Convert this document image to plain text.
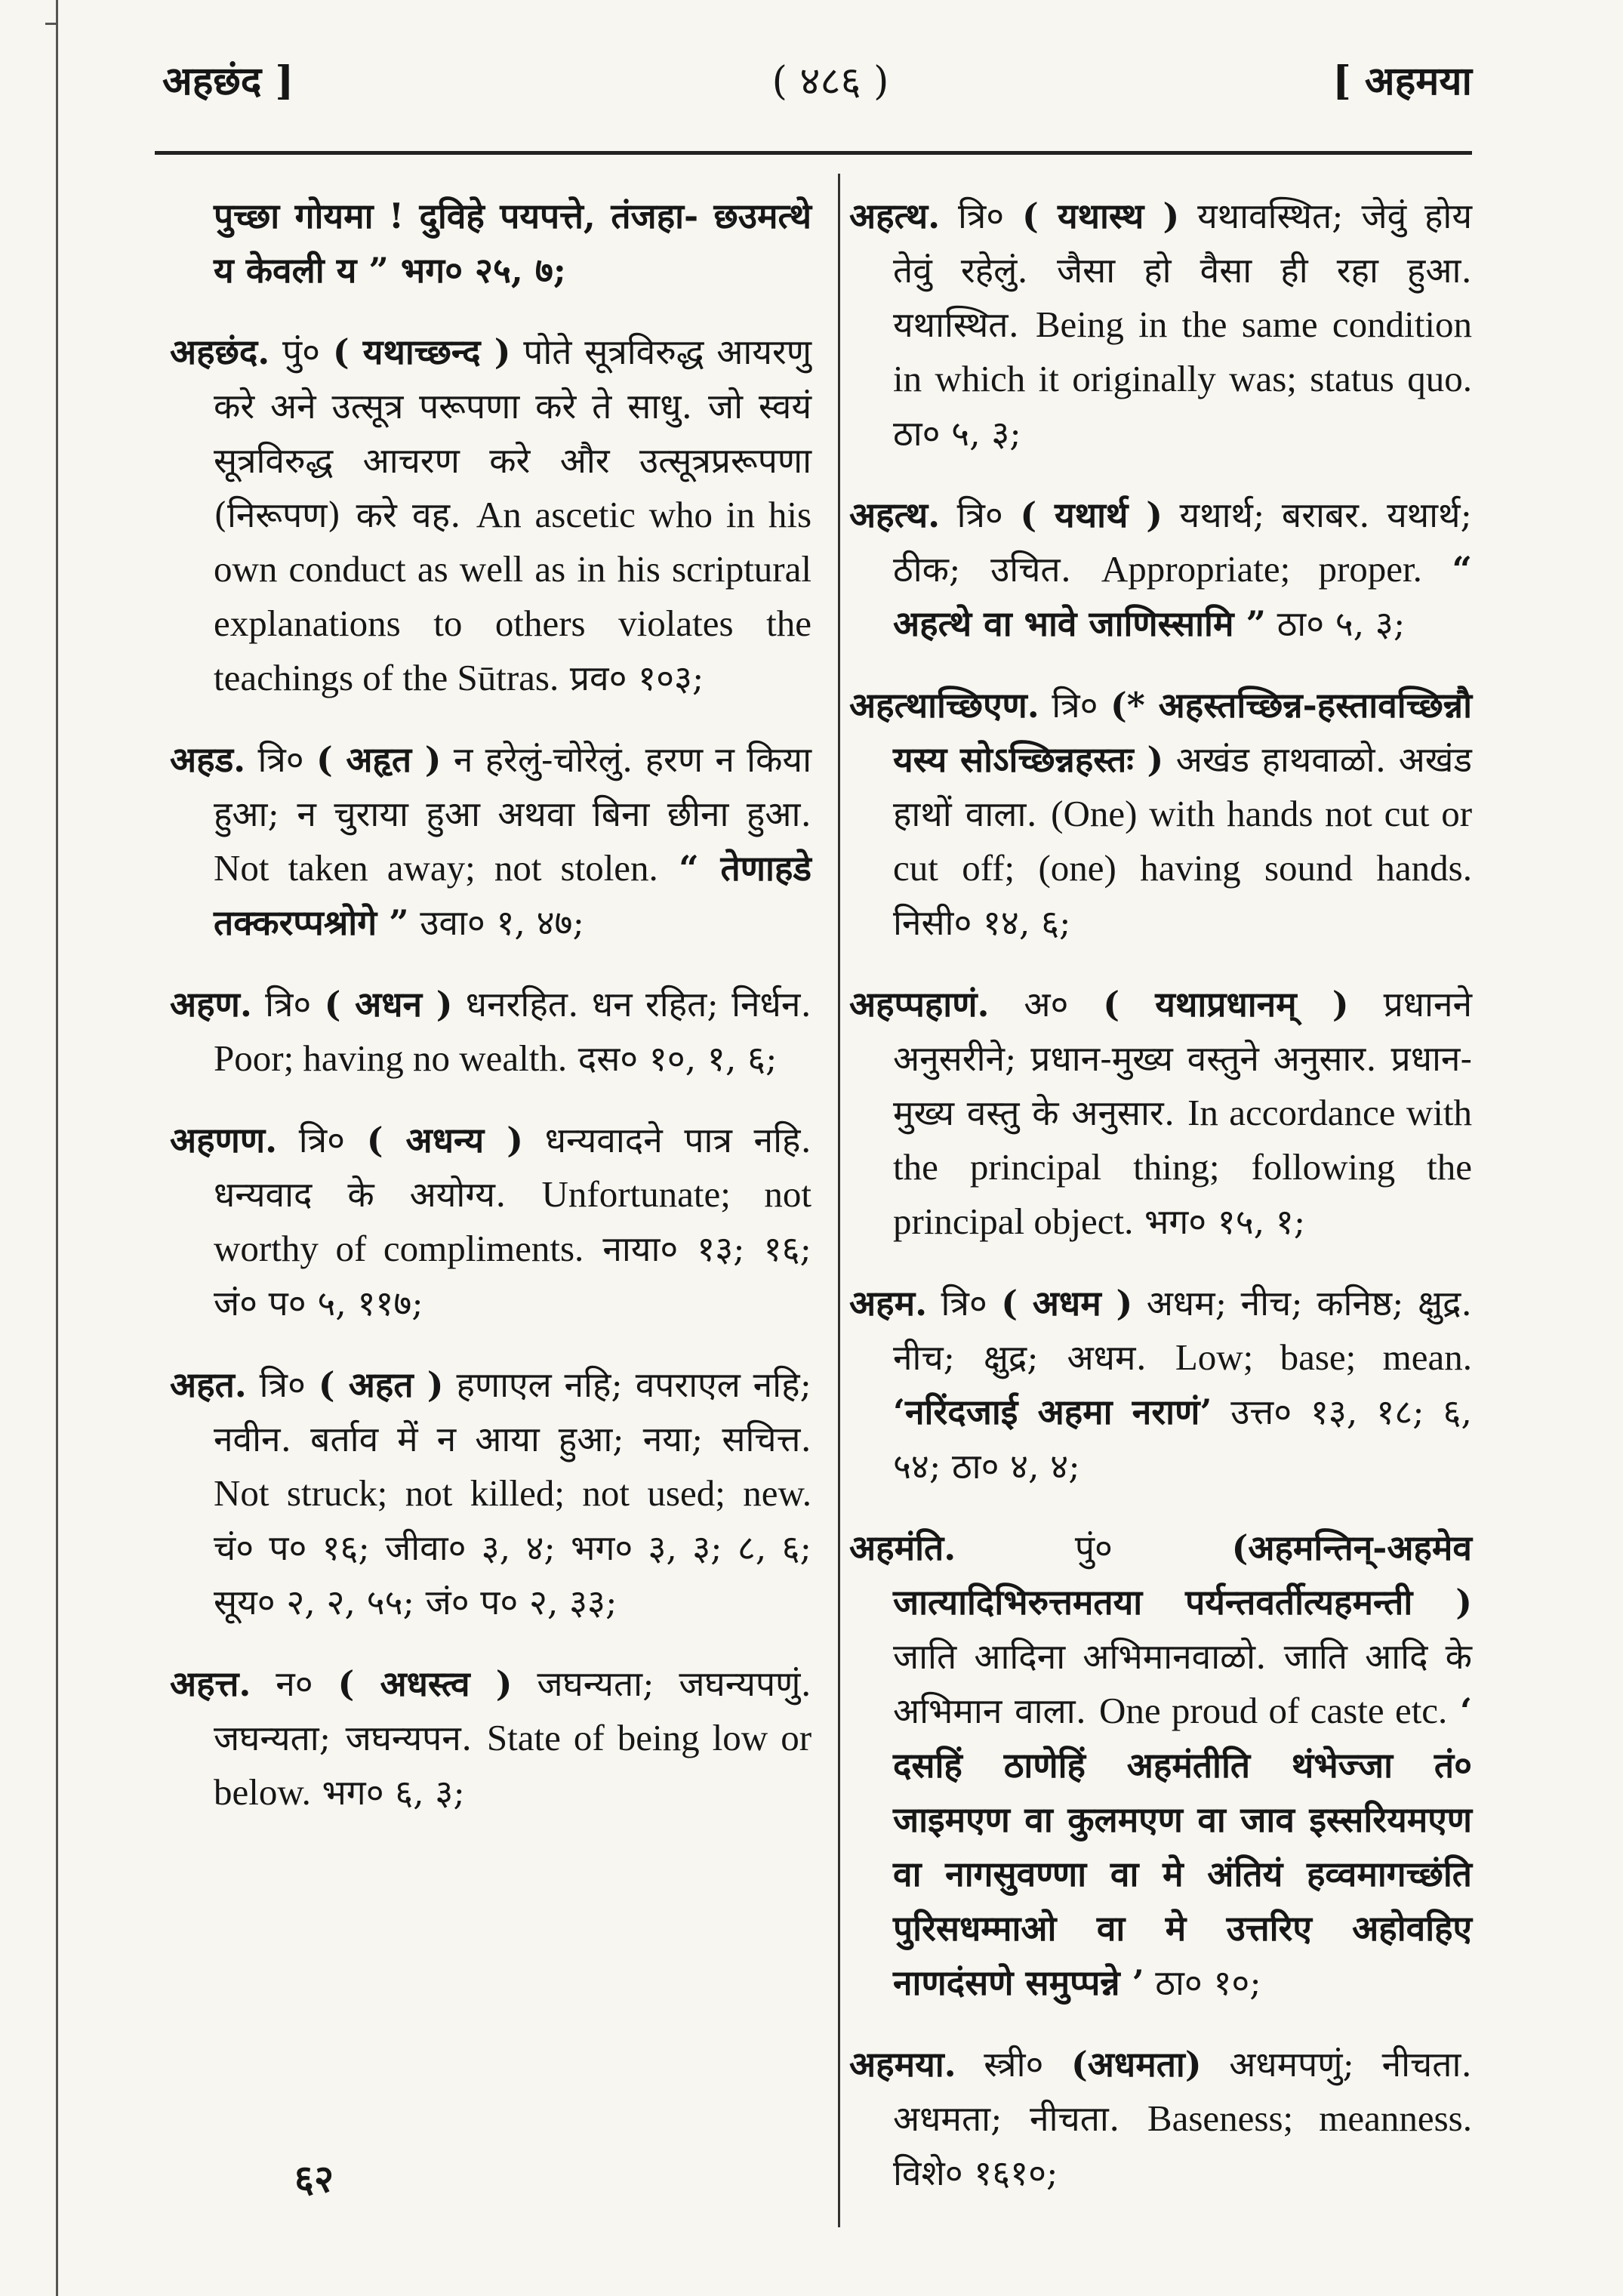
अहछंद ]	( ४८६ )	[ अहमया

पुच्छा गोयमा ! दुविहे पयपत्ते, तंजहा- छउमत्थे य केवली य ” भग० २५, ७;

अहछंद. पुं० ( यथाच्छन्द ) पोते सूत्रविरुद्ध आयरणु करे अने उत्सूत्र परूपणा करे ते साधु. जो स्वयं सूत्रविरुद्ध आचरण करे और उत्सूत्रप्ररूपणा (निरूपण) करे वह. An ascetic who in his own conduct as well as in his scriptural explanations to others violates the teachings of the Sūtras. प्रव० १०३;

अहड. त्रि० ( अहृत ) न हरेलुं-चोरेलुं. हरण न किया हुआ; न चुराया हुआ अथवा बिना छीना हुआ. Not taken away; not stolen. “ तेणाहडे तक्करप्पश्रोगे ” उवा० १, ४७;

अहण. त्रि० ( अधन ) धनरहित. धन रहित; निर्धन. Poor; having no wealth. दस० १०, १, ६;

अहणण. त्रि० ( अधन्य ) धन्यवादने पात्र नहि. धन्यवाद के अयोग्य. Unfortunate; not worthy of compliments. नाया० १३; १६; जं० प० ५, ११७;

अहत. त्रि० ( अहत ) हणाएल नहि; वपराएल नहि; नवीन. बर्ताव में न आया हुआ; नया; सचित्त. Not struck; not killed; not used; new. चं० प० १६; जीवा० ३, ४; भग० ३, ३; ८, ६; सूय० २, २, ५५; जं० प० २, ३३;

अहत्त. न० ( अधस्त्व ) जघन्यता; जघन्यपणुं. जघन्यता; जघन्यपन. State of being low or below. भग० ६, ३;

अहत्थ. त्रि० ( यथास्थ ) यथावस्थित; जेवुं होय तेवुं रहेलुं. जैसा हो वैसा ही रहा हुआ. यथास्थित. Being in the same condition in which it originally was; status quo. ठा० ५, ३;

अहत्थ. त्रि० ( यथार्थ ) यथार्थ; बराबर. यथार्थ; ठीक; उचित. Appropriate; proper. “ अहत्थे वा भावे जाणिस्सामि ” ठा० ५, ३;

अहत्थाच्छिएण. त्रि० (* अहस्तच्छिन्न-हस्तावच्छिन्नौ यस्य सोऽच्छिन्नहस्तः ) अखंड हाथवाळो. अखंड हाथों वाला. (One) with hands not cut or cut off; (one) having sound hands. निसी० १४, ६;

अहप्पहाणं. अ० ( यथाप्रधानम् ) प्रधानने अनुसरीने; प्रधान-मुख्य वस्तुने अनुसार. प्रधान-मुख्य वस्तु के अनुसार. In accordance with the principal thing; following the principal object. भग० १५, १;

अहम. त्रि० ( अधम ) अधम; नीच; कनिष्ठ; क्षुद्र. नीच; क्षुद्र; अधम. Low; base; mean. ‘नरिंदजाई अहमा नराणं’ उत्त० १३, १८; ६, ५४; ठा० ४, ४;

अहमंति.	पुं०	(अहमन्तिन्-अहमेव जात्यादिभिरुत्तमतया पर्यन्तवर्तीत्यहमन्ती ) जाति आदिना अभिमानवाळो. जाति आदि के अभिमान वाला. One proud of caste etc. ‘ दसहिं ठाणेहिं अहमंतीति थंभेज्जा तं० जाइमएण वा कुलमएण वा जाव इस्सरियमएण वा नागसुवण्णा वा मे अंतियं हव्वमागच्छंति पुरिसधम्माओ वा मे उत्तरिए अहोवहिए नाणदंसणे समुप्पन्ने ’ ठा० १०;

अहमया. स्त्री० (अधमता) अधमपणुं; नीचता. अधमता; नीचता. Baseness; meanness. विशे० १६१०;

६२
